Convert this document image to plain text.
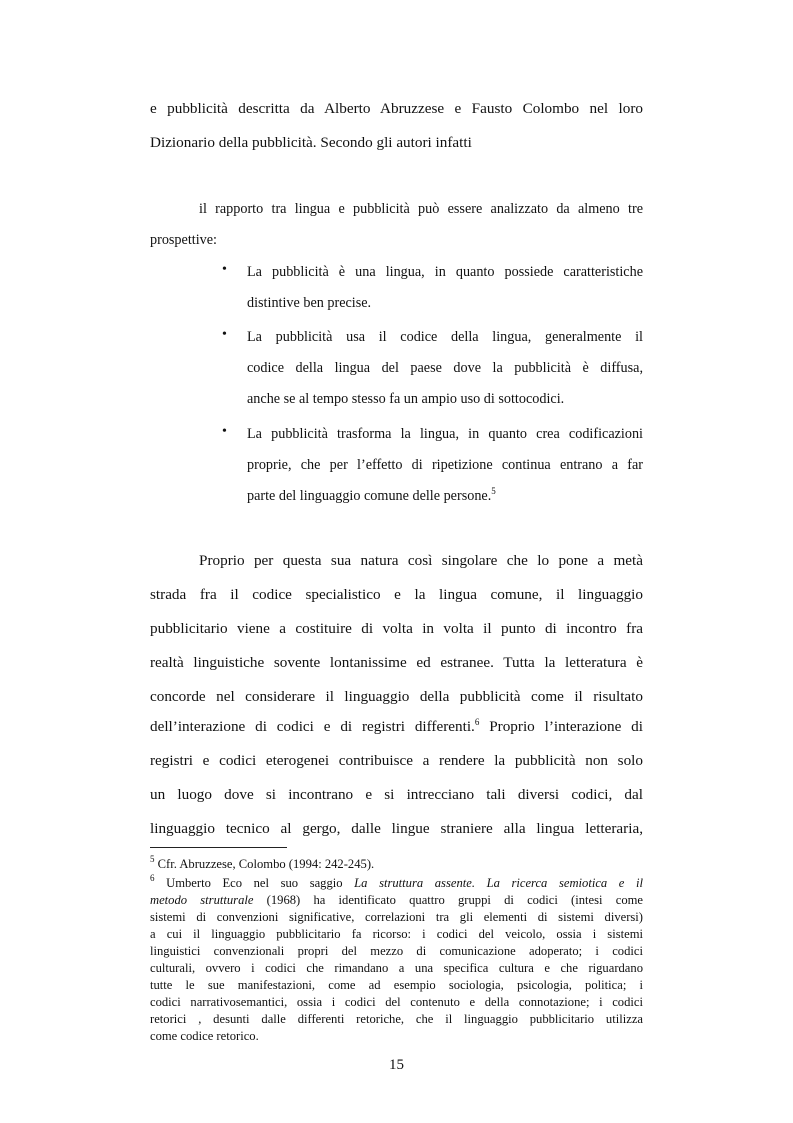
e pubblicità descritta da Alberto Abruzzese e Fausto Colombo nel loro
Dizionario della pubblicità. Secondo gli autori infatti
il rapporto tra lingua e pubblicità può essere analizzato da almeno tre
prospettive:
• La pubblicità è una lingua, in quanto possiede caratteristiche
distintive ben precise.
• La pubblicità usa il codice della lingua, generalmente il
codice della lingua del paese dove la pubblicità è diffusa,
anche se al tempo stesso fa un ampio uso di sottocodici.
• La pubblicità trasforma la lingua, in quanto crea codificazioni
proprie, che per l’effetto di ripetizione continua entrano a far
parte del linguaggio comune delle persone.$^5$
Proprio per questa sua natura così singolare che lo pone a metà
strada fra il codice specialistico e la lingua comune, il linguaggio
pubblicitario viene a costituire di volta in volta il punto di incontro fra
realtà linguistiche sovente lontanissime ed estranee. Tutta la letteratura è
concorde nel considerare il linguaggio della pubblicità come il risultato
dell’interazione di codici e di registri differenti.$^6$ Proprio l’interazione di
registri e codici eterogenei contribuisce a rendere la pubblicità non solo
un luogo dove si incontrano e si intrecciano tali diversi codici, dal
linguaggio tecnico al gergo, dalle lingue straniere alla lingua letteraria,
$^5$ Cfr. Abruzzese, Colombo (1994: 242-245).
$^6$ Umberto Eco nel suo saggio La struttura assente. La ricerca semiotica e il
metodo strutturale (1968) ha identificato quattro gruppi di codici (intesi come
sistemi di convenzioni significative, correlazioni tra gli elementi di sistemi diversi)
a cui il linguaggio pubblicitario fa ricorso: i codici del veicolo, ossia i sistemi
linguistici convenzionali propri del mezzo di comunicazione adoperato; i codici
culturali, ovvero i codici che rimandano a una specifica cultura e che riguardano
tutte le sue manifestazioni, come ad esempio sociologia, psicologia, politica; i
codici narrativosemantici, ossia i codici del contenuto e della connotazione; i codici
retorici , desunti dalle differenti retoriche, che il linguaggio pubblicitario utilizza
come codice retorico.
15
